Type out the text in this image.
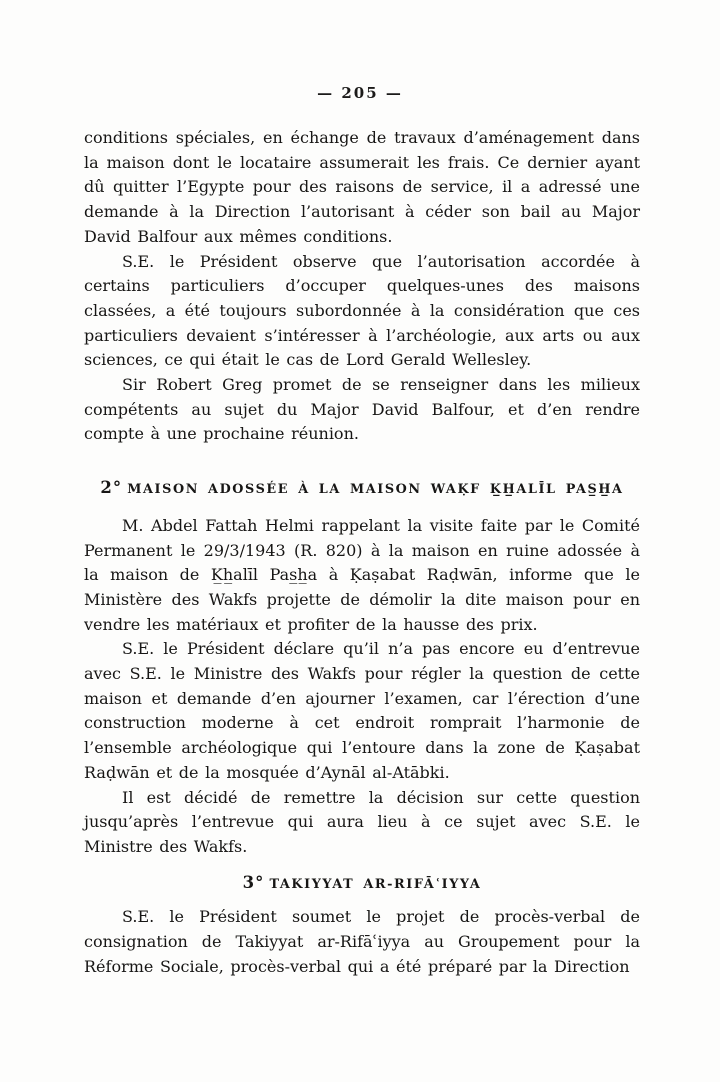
— 205 —

conditions spéciales, en échange de travaux d’aménagement dans la maison dont le locataire assumerait les frais. Ce dernier ayant dû quitter l’Egypte pour des raisons de service, il a adressé une demande à la Direction l’autorisant à céder son bail au Major David Balfour aux mêmes conditions.

S.E. le Président observe que l’autorisation accordée à certains particuliers d’occuper quelques-unes des maisons classées, a été toujours subordonnée à la considération que ces particuliers devaient s’intéresser à l’archéologie, aux arts ou aux sciences, ce qui était le cas de Lord Gerald Wellesley.

Sir Robert Greg promet de se renseigner dans les milieux compétents au sujet du Major David Balfour, et d’en rendre compte à une prochaine réunion.

2° MAISON ADOSSÉE À LA MAISON WAḲF K̲H̲ALĪL PAS̲H̲A

M. Abdel Fattah Helmi rappelant la visite faite par le Comité Permanent le 29/3/1943 (R. 820) à la maison en ruine adossée à la maison de K̲h̲alīl Pas̲h̲a à Ḳaṣabat Raḍwān, informe que le Ministère des Wakfs projette de démolir la dite maison pour en vendre les matériaux et profiter de la hausse des prix.

S.E. le Président déclare qu’il n’a pas encore eu d’entrevue avec S.E. le Ministre des Wakfs pour régler la question de cette maison et demande d’en ajourner l’examen, car l’érection d’une construction moderne à cet endroit romprait l’harmonie de l’ensemble archéologique qui l’entoure dans la zone de Ḳaṣabat Raḍwān et de la mosquée d’Aynāl al-Atābki.

Il est décidé de remettre la décision sur cette question jusqu’après l’entrevue qui aura lieu à ce sujet avec S.E. le Ministre des Wakfs.

3° TAKIYYAT AR-RIFĀʿIYYA

S.E. le Président soumet le projet de procès-verbal de consignation de Takiyyat ar-Rifāʿiyya au Groupement pour la Réforme Sociale, procès-verbal qui a été préparé par la Direction
